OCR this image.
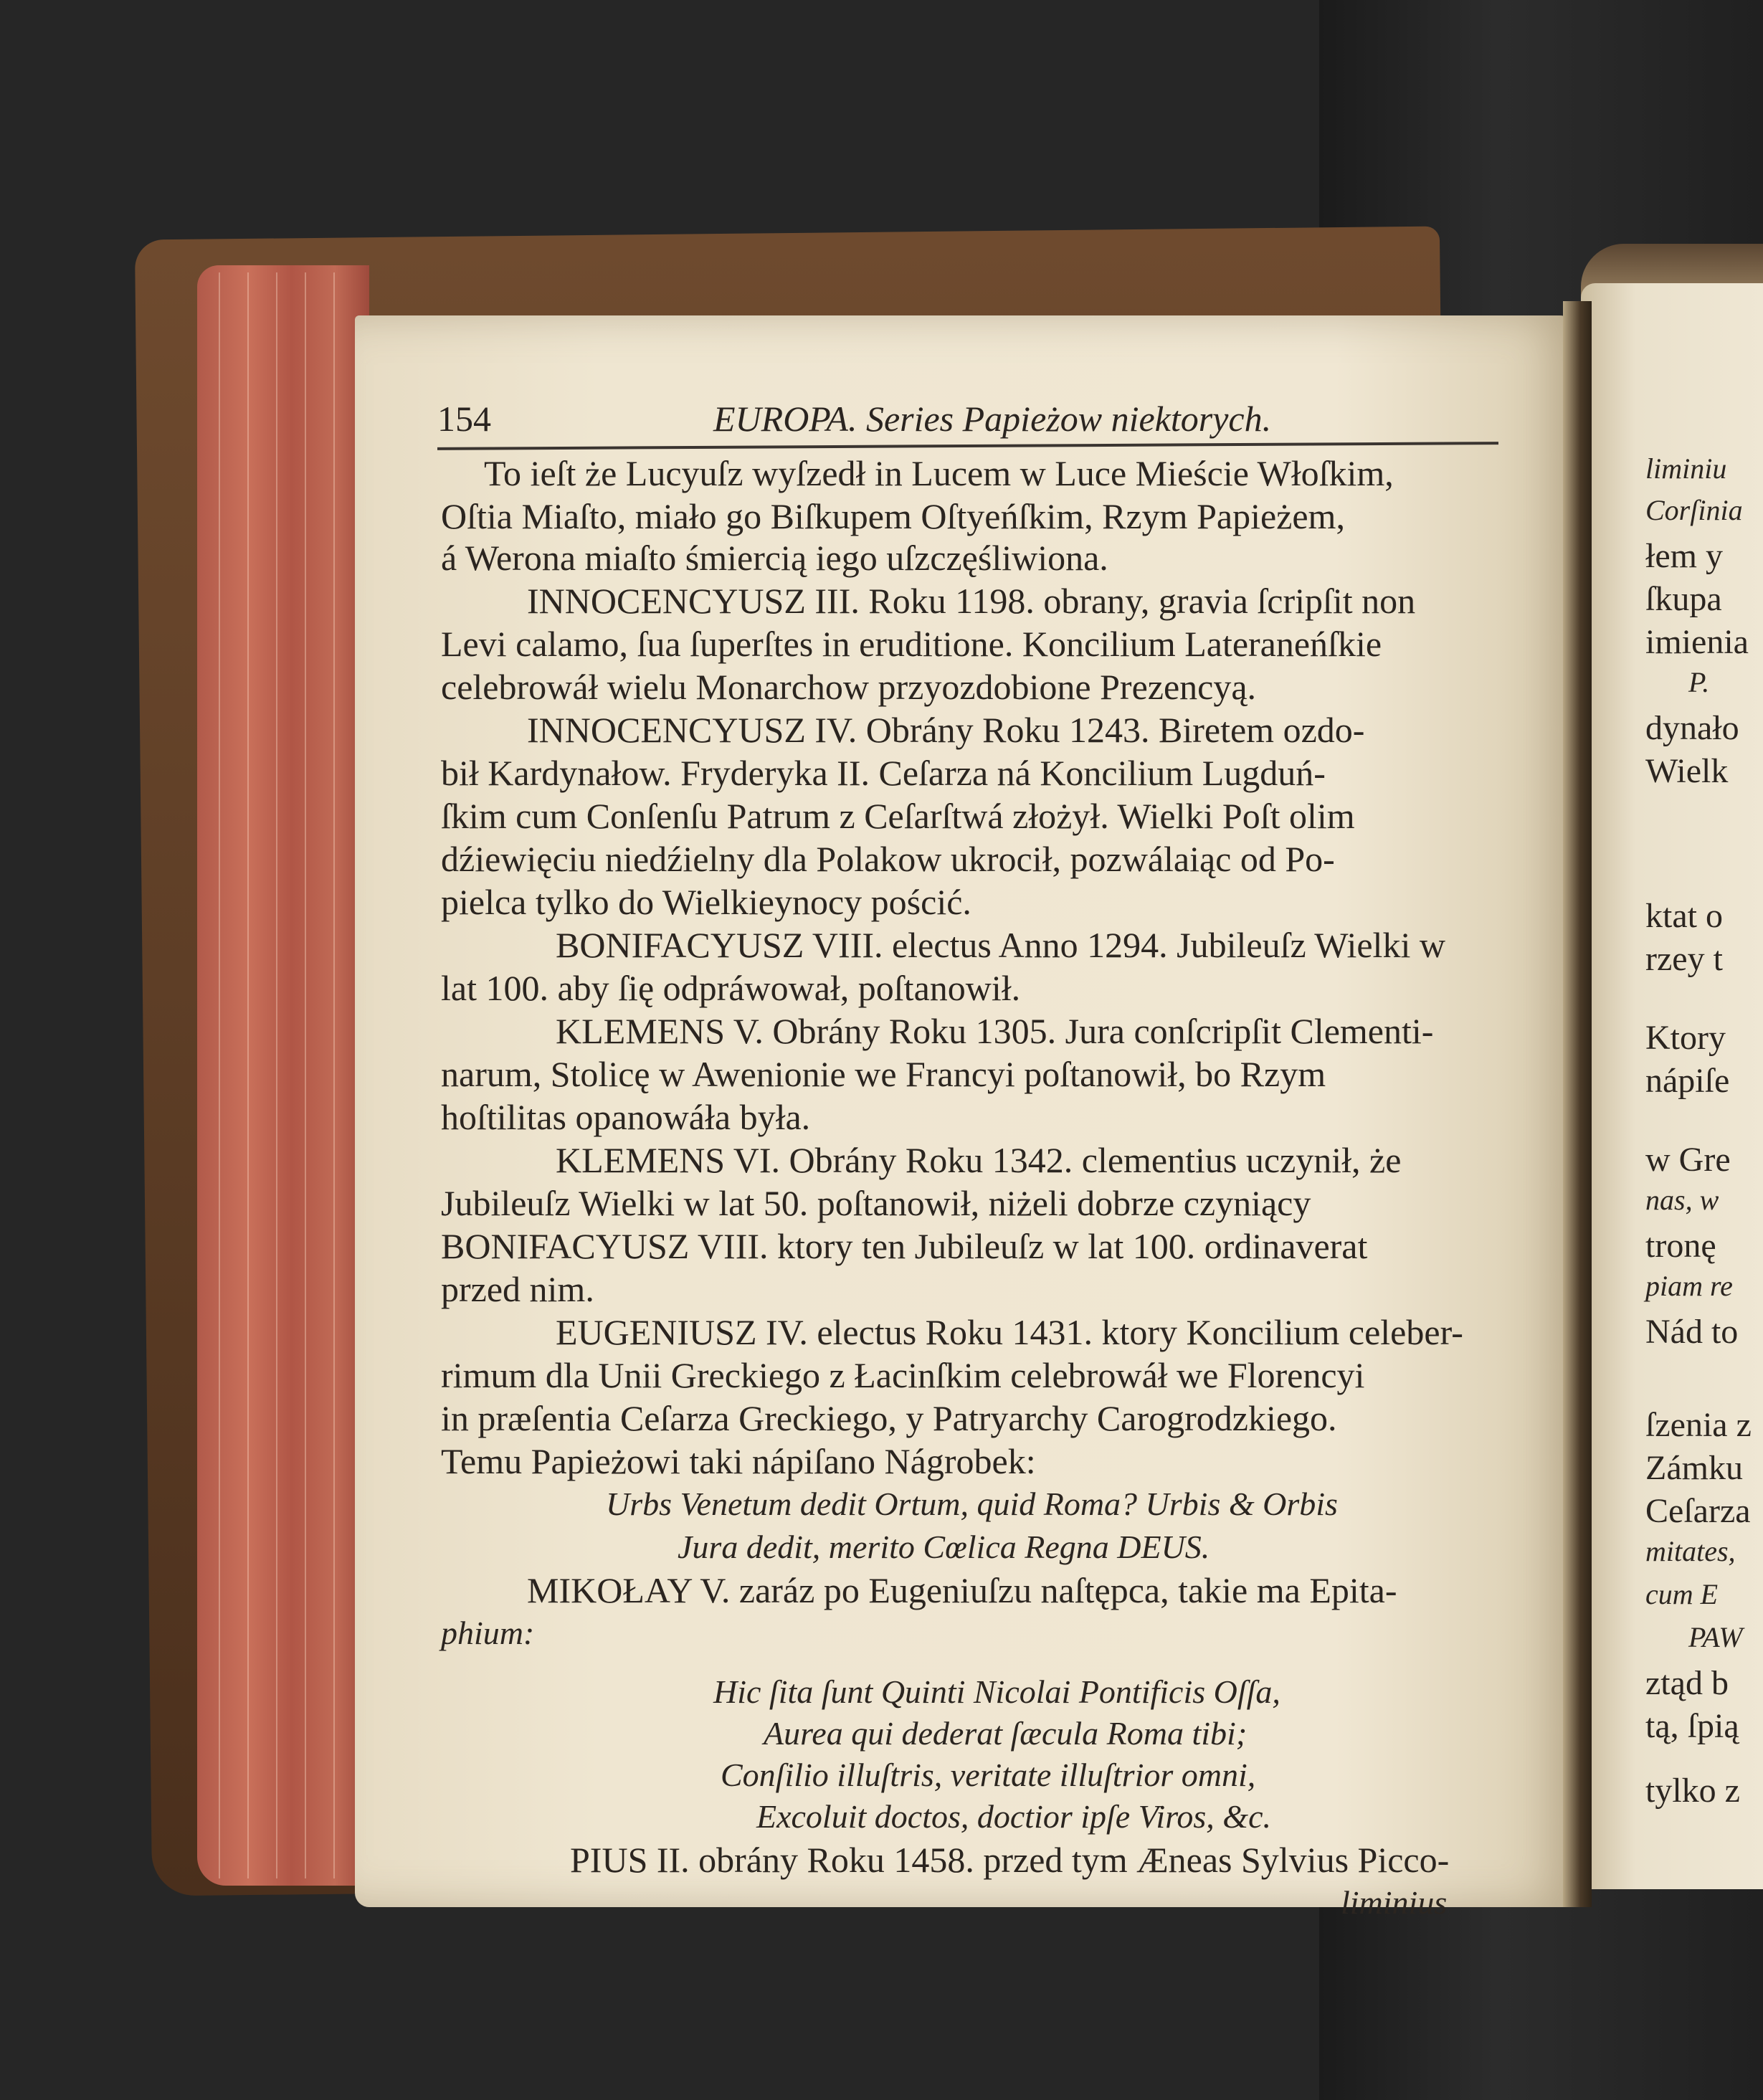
154	EUROPA. Series Papieżow niektorych.
To ieſt że Lucyuſz wyſzedł in Lucem w Luce Mieście Włoſkim,
Oſtia Miaſto, miało go Biſkupem Oſtyeńſkim, Rzym Papieżem,
á Werona miaſto śmiercią iego uſzczęśliwiona.
INNOCENCYUSZ III. Roku 1198. obrany, gravia ſcripſit non
Levi calamo, ſua ſuperſtes in eruditione. Koncilium Lateraneńſkie
celebrowáł wielu Monarchow przyozdobione Prezencyą.
INNOCENCYUSZ IV. Obrány Roku 1243. Biretem ozdo-
bił Kardynałow. Fryderyka II. Ceſarza ná Koncilium Lugduń-
ſkim cum Conſenſu Patrum z Ceſarſtwá złożył. Wielki Poſt olim
dźiewięciu niedźielny dla Polakow ukrocił, pozwálaiąc od Po-
pielca tylko do Wielkieynocy pościć.
BONIFACYUSZ VIII. electus Anno 1294. Jubileuſz Wielki w
lat 100. aby ſię odpráwował, poſtanowił.
KLEMENS V. Obrány Roku 1305. Jura conſcripſit Clementi-
narum, Stolicę w Awenionie we Francyi poſtanowił, bo Rzym
hoſtilitas opanowáła była.
KLEMENS VI. Obrány Roku 1342. clementius uczynił, że
Jubileuſz Wielki w lat 50. poſtanowił, niżeli dobrze czyniący
BONIFACYUSZ VIII. ktory ten Jubileuſz w lat 100. ordinaverat
przed nim.
EUGENIUSZ IV. electus Roku 1431. ktory Koncilium celeber-
rimum dla Unii Greckiego z Łacinſkim celebrowáł we Florencyi
in præſentia Ceſarza Greckiego, y Patryarchy Carogrodzkiego.
Temu Papieżowi taki nápiſano Nágrobek:
Urbs Venetum dedit Ortum, quid Roma? Urbis & Orbis
Jura dedit, merito Cœlica Regna DEUS.
MIKOŁAY V. zaráz po Eugeniuſzu naſtępca, takie ma Epita-
phium:
Hic ſita ſunt Quinti Nicolai Pontificis Oſſa,
Aurea qui dederat ſæcula Roma tibi;
Conſilio illuſtris, veritate illuſtrior omni,
Excoluit doctos, doctior ipſe Viros, &c.
PIUS II. obrány Roku 1458. przed tym Æneas Sylvius Picco-
liminius
liminiu
Corſinia
łem y
ſkupa
imienia
P.
dynało
Wielk
ktat o
rzey t
Ktory
nápiſe
w Gre
nas, w
tronę
piam re
Nád to
ſzenia z
Zámku
Ceſarza
mitates,
cum E
PAW
ztąd b
tą, ſpią
tylko z
